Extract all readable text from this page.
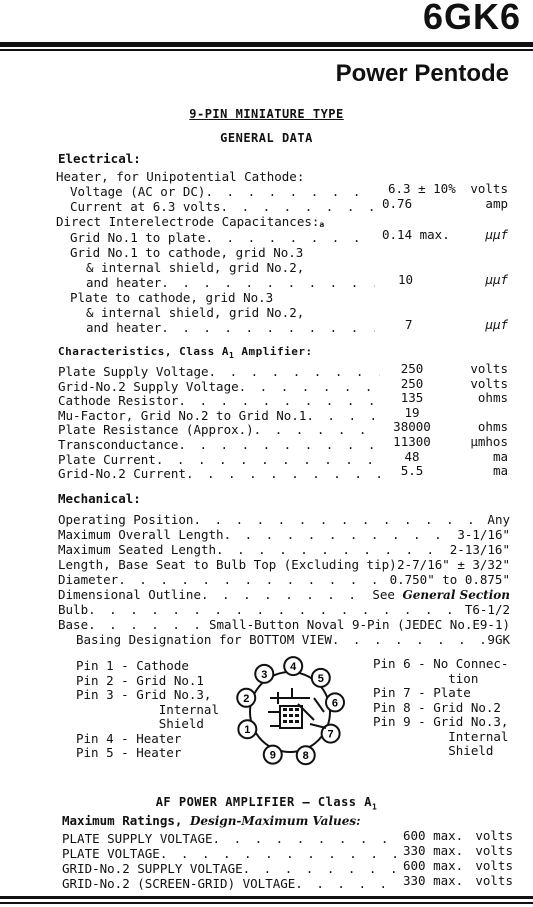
6GK6
Power Pentode
9-PIN MINIATURE TYPE
GENERAL DATA
Electrical:
Heater, for Unipotential Cathode:
Voltage (AC or DC) . . .	6.3 ± 10% volts
Current at 6.3 volts . . .	0.76	amp
Direct Interelectrode $Capacitances:_a$
Grid No.1 to plate . . .	0.14 max.	μμf
Grid No.1 to cathode, grid No.3
& internal shield, grid No.2,
and heater . . .	10	μμf
Plate to cathode, grid No.3
& internal shield, grid No.2,
and heater . . .	7	μμf
Characteristics, Class $A_1$ Amplifier:
Plate Supply Voltage . . .	250	volts
Grid-No.2 Supply Voltage . . .	250	volts
Cathode Resistor . . .	135	ohms
Mu-Factor, Grid No.2 to Grid No.1 . . .	19
Plate Resistance (Approx.) . . .	38000	ohms
Transconductance . . .	11300	μmhos
Plate Current . . .	48	ma
Grid-No.2 Current . . .	5.5	ma
Mechanical:
Operating Position . . .	Any
Maximum Overall Length . . .	3-1/16"
Maximum Seated Length . . .	2-13/16"
Length, Base Seat to Bulb Top (Excluding tip) . . . 2-7/16" ± 3/32"
Diameter . . .	0.750" to 0.875"
Dimensional Outline . . .	See General Section
Bulb . . .	T6-1/2
Base . . .	Small-Button Noval 9-Pin (JEDEC No.E9-1)
Basing Designation for BOTTOM VIEW . . .	9GK
Pin 1 - Cathode
Pin 2 - Grid No.1
Pin 3 - Grid No.3,
Internal
Shield
Pin 4 - Heater
Pin 5 - Heater
Pin 6 - No Connec-
tion
Pin 7 - Plate
Pin 8 - Grid No.2
Pin 9 - Grid No.3,
Internal
Shield
1
2
3
4
5
6
7
8
9
AF POWER AMPLIFIER — Class $A_1$
Maximum Ratings, Design-Maximum Values:
PLATE SUPPLY VOLTAGE . . .	600 max. volts
PLATE VOLTAGE . . .	330 max. volts
GRID-No.2 SUPPLY VOLTAGE . . .	600 max. volts
GRID-No.2 (SCREEN-GRID) VOLTAGE . . .	330 max. volts
